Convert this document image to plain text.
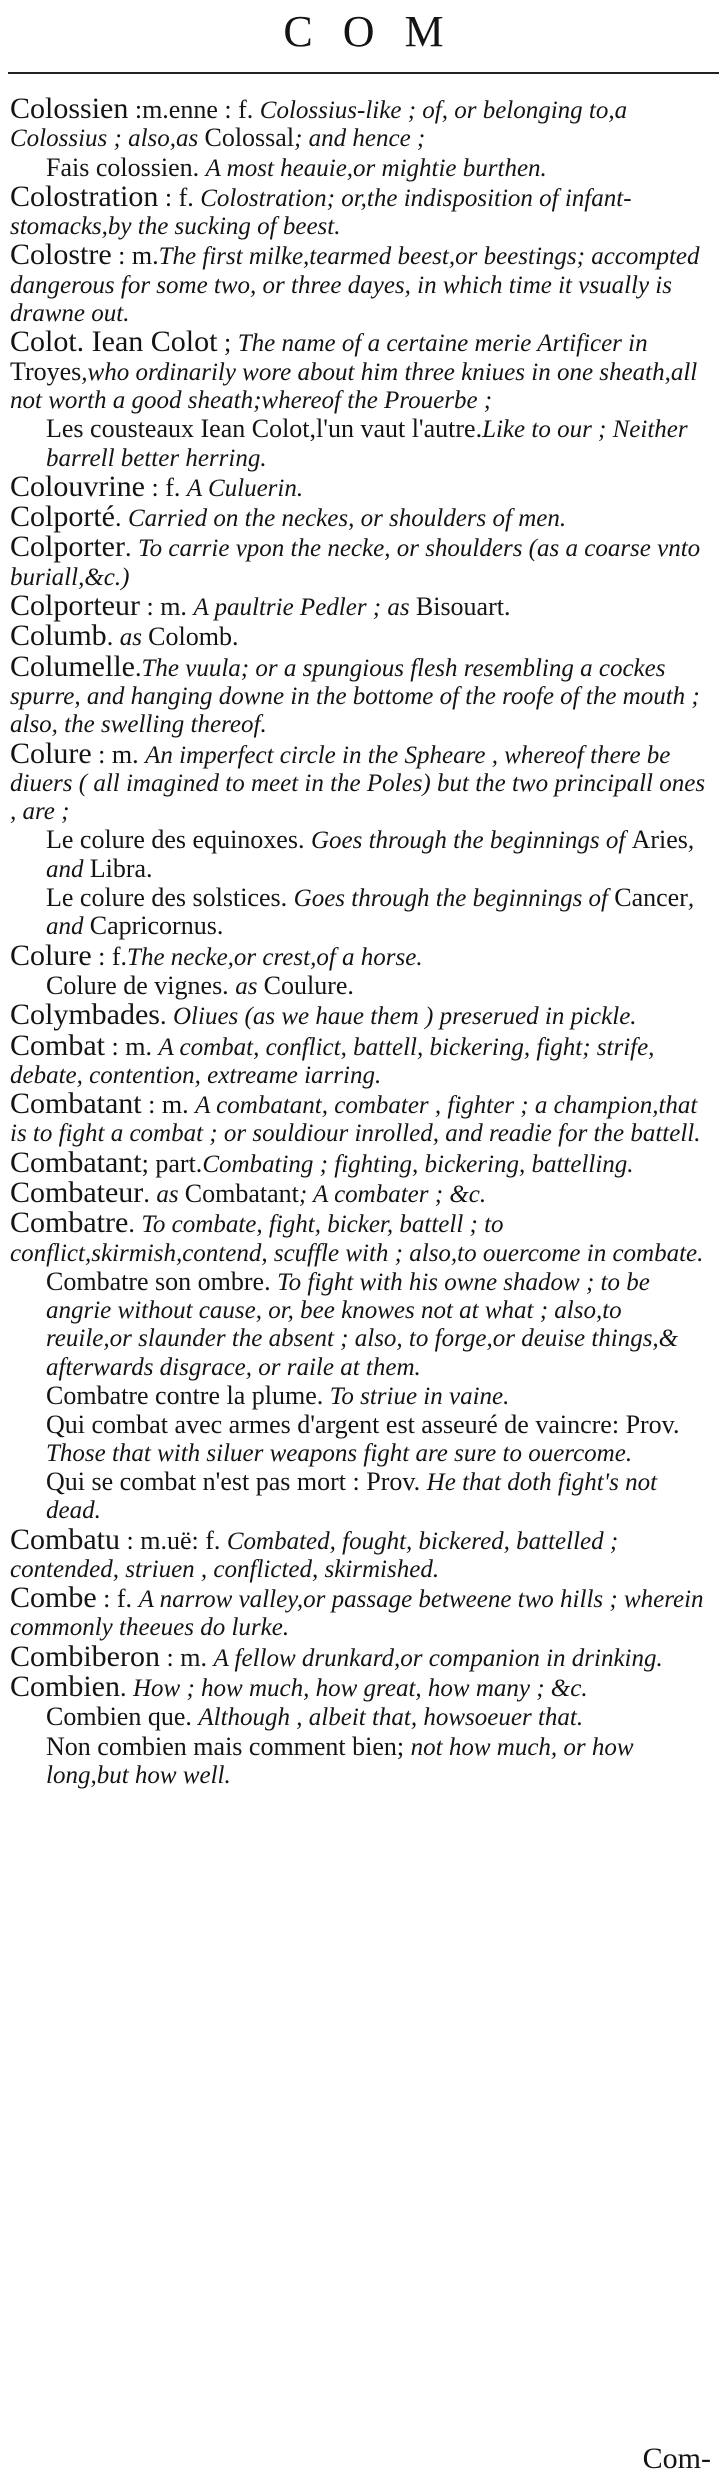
COM
Colossien :m.enne : f. Colossius-like ; of, or belonging to,a Colossius ; also,as Colossal; and hence ;
Fais colossien. A most heauie,or mightie burthen.
Colostration : f. Colostration; or,the indisposition of infant-stomacks,by the sucking of beest.
Colostre : m.The first milke,tearmed beest,or beestings; accompted dangerous for some two, or three dayes, in which time it vsually is drawne out.
Colot. Iean Colot ; The name of a certaine merie Artificer in Troyes,who ordinarily wore about him three kniues in one sheath,all not worth a good sheath;whereof the Prouerbe ;
Les cousteaux Iean Colot,l'un vaut l'autre.Like to our ; Neither barrell better herring.
Colouvrine : f. A Culuerin.
Colporté. Carried on the neckes, or shoulders of men.
Colporter. To carrie vpon the necke, or shoulders (as a coarse vnto buriall,&c.)
Colporteur : m. A paultrie Pedler ; as Bisouart.
Columb. as Colomb.
Columelle.The vuula; or a spungious flesh resembling a cockes spurre, and hanging downe in the bottome of the roofe of the mouth ; also, the swelling thereof.
Colure : m. An imperfect circle in the Spheare , whereof there be diuers ( all imagined to meet in the Poles) but the two principall ones , are ;
Le colure des equinoxes. Goes through the beginnings of Aries, and Libra.
Le colure des solstices. Goes through the beginnings of Cancer, and Capricornus.
Colure : f.The necke,or crest,of a horse.
Colure de vignes. as Coulure.
Colymbades. Oliues (as we haue them ) preserued in pickle.
Combat : m. A combat, conflict, battell, bickering, fight; strife, debate, contention, extreame iarring.
Combatant : m. A combatant, combater , fighter ; a champion,that is to fight a combat ; or souldiour inrolled, and readie for the battell.
Combatant; part.Combating ; fighting, bickering, battelling.
Combateur. as Combatant; A combater ; &c.
Combatre. To combate, fight, bicker, battell ; to conflict,skirmish,contend, scuffle with ; also,to ouercome in combate.
Combatre son ombre. To fight with his owne shadow ; to be angrie without cause, or, bee knowes not at what ; also,to reuile,or slaunder the absent ; also, to forge,or deuise things,& afterwards disgrace, or raile at them.
Combatre contre la plume. To striue in vaine.
Qui combat avec armes d'argent est asseuré de vaincre: Prov. Those that with siluer weapons fight are sure to ouercome.
Qui se combat n'est pas mort : Prov. He that doth fight's not dead.
Combatu : m.uë: f. Combated, fought, bickered, battelled ; contended, striuen , conflicted, skirmished.
Combe : f. A narrow valley,or passage betweene two hills ; wherein commonly theeues do lurke.
Combiberon : m. A fellow drunkard,or companion in drinking.
Combien. How ; how much, how great, how many ; &c.
Combien que. Although , albeit that, howsoeuer that.
Non combien mais comment bien; not how much, or how long,but how well.
Com-
